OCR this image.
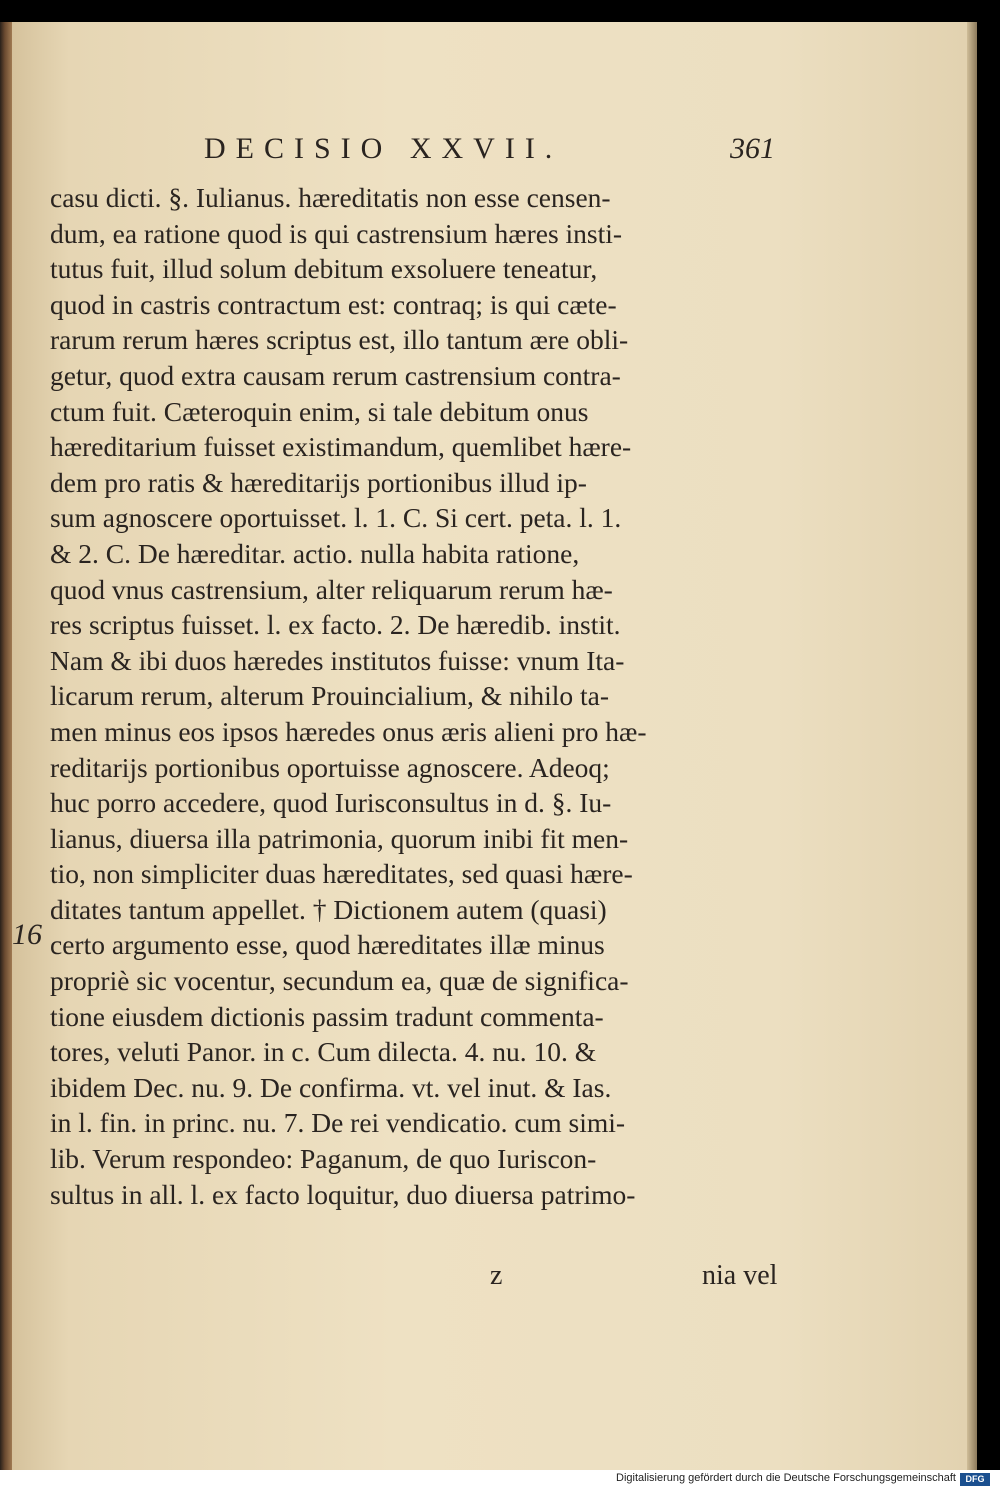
DECISIO XXVII.	361
16
casu dicti. §. Iulianus. hæreditatis non esse censen-
dum, ea ratione quod is qui castrensium hæres insti-
tutus fuit, illud solum debitum exsoluere teneatur,
quod in castris contractum est: contraq; is qui cæte-
rarum rerum hæres scriptus est, illo tantum ære obli-
getur, quod extra causam rerum castrensium contra-
ctum fuit. Cæteroquin enim, si tale debitum onus
hæreditarium fuisset existimandum, quemlibet hære-
dem pro ratis & hæreditarijs portionibus illud ip-
sum agnoscere oportuisset. l. 1. C. Si cert. peta. l. 1.
& 2. C. De hæreditar. actio. nulla habita ratione,
quod vnus castrensium, alter reliquarum rerum hæ-
res scriptus fuisset. l. ex facto. 2. De hæredib. instit.
Nam & ibi duos hæredes institutos fuisse: vnum Ita-
licarum rerum, alterum Prouincialium, & nihilo ta-
men minus eos ipsos hæredes onus æris alieni pro hæ-
reditarijs portionibus oportuisse agnoscere. Adeoq;
huc porro accedere, quod Iurisconsultus in d. §. Iu-
lianus, diuersa illa patrimonia, quorum inibi fit men-
tio, non simpliciter duas hæreditates, sed quasi hære-
ditates tantum appellet. † Dictionem autem (quasi)
certo argumento esse, quod hæreditates illæ minus
propriè sic vocentur, secundum ea, quæ de significa-
tione eiusdem dictionis passim tradunt commenta-
tores, veluti Panor. in c. Cum dilecta. 4. nu. 10. &
ibidem Dec. nu. 9. De confirma. vt. vel inut. & Ias.
in l. fin. in princ. nu. 7. De rei vendicatio. cum simi-
lib. Verum respondeo: Paganum, de quo Iuriscon-
sultus in all. l. ex facto loquitur, duo diuersa patrimo-
z	nia vel
Digitalisierung gefördert durch die Deutsche Forschungsgemeinschaft	DFG
